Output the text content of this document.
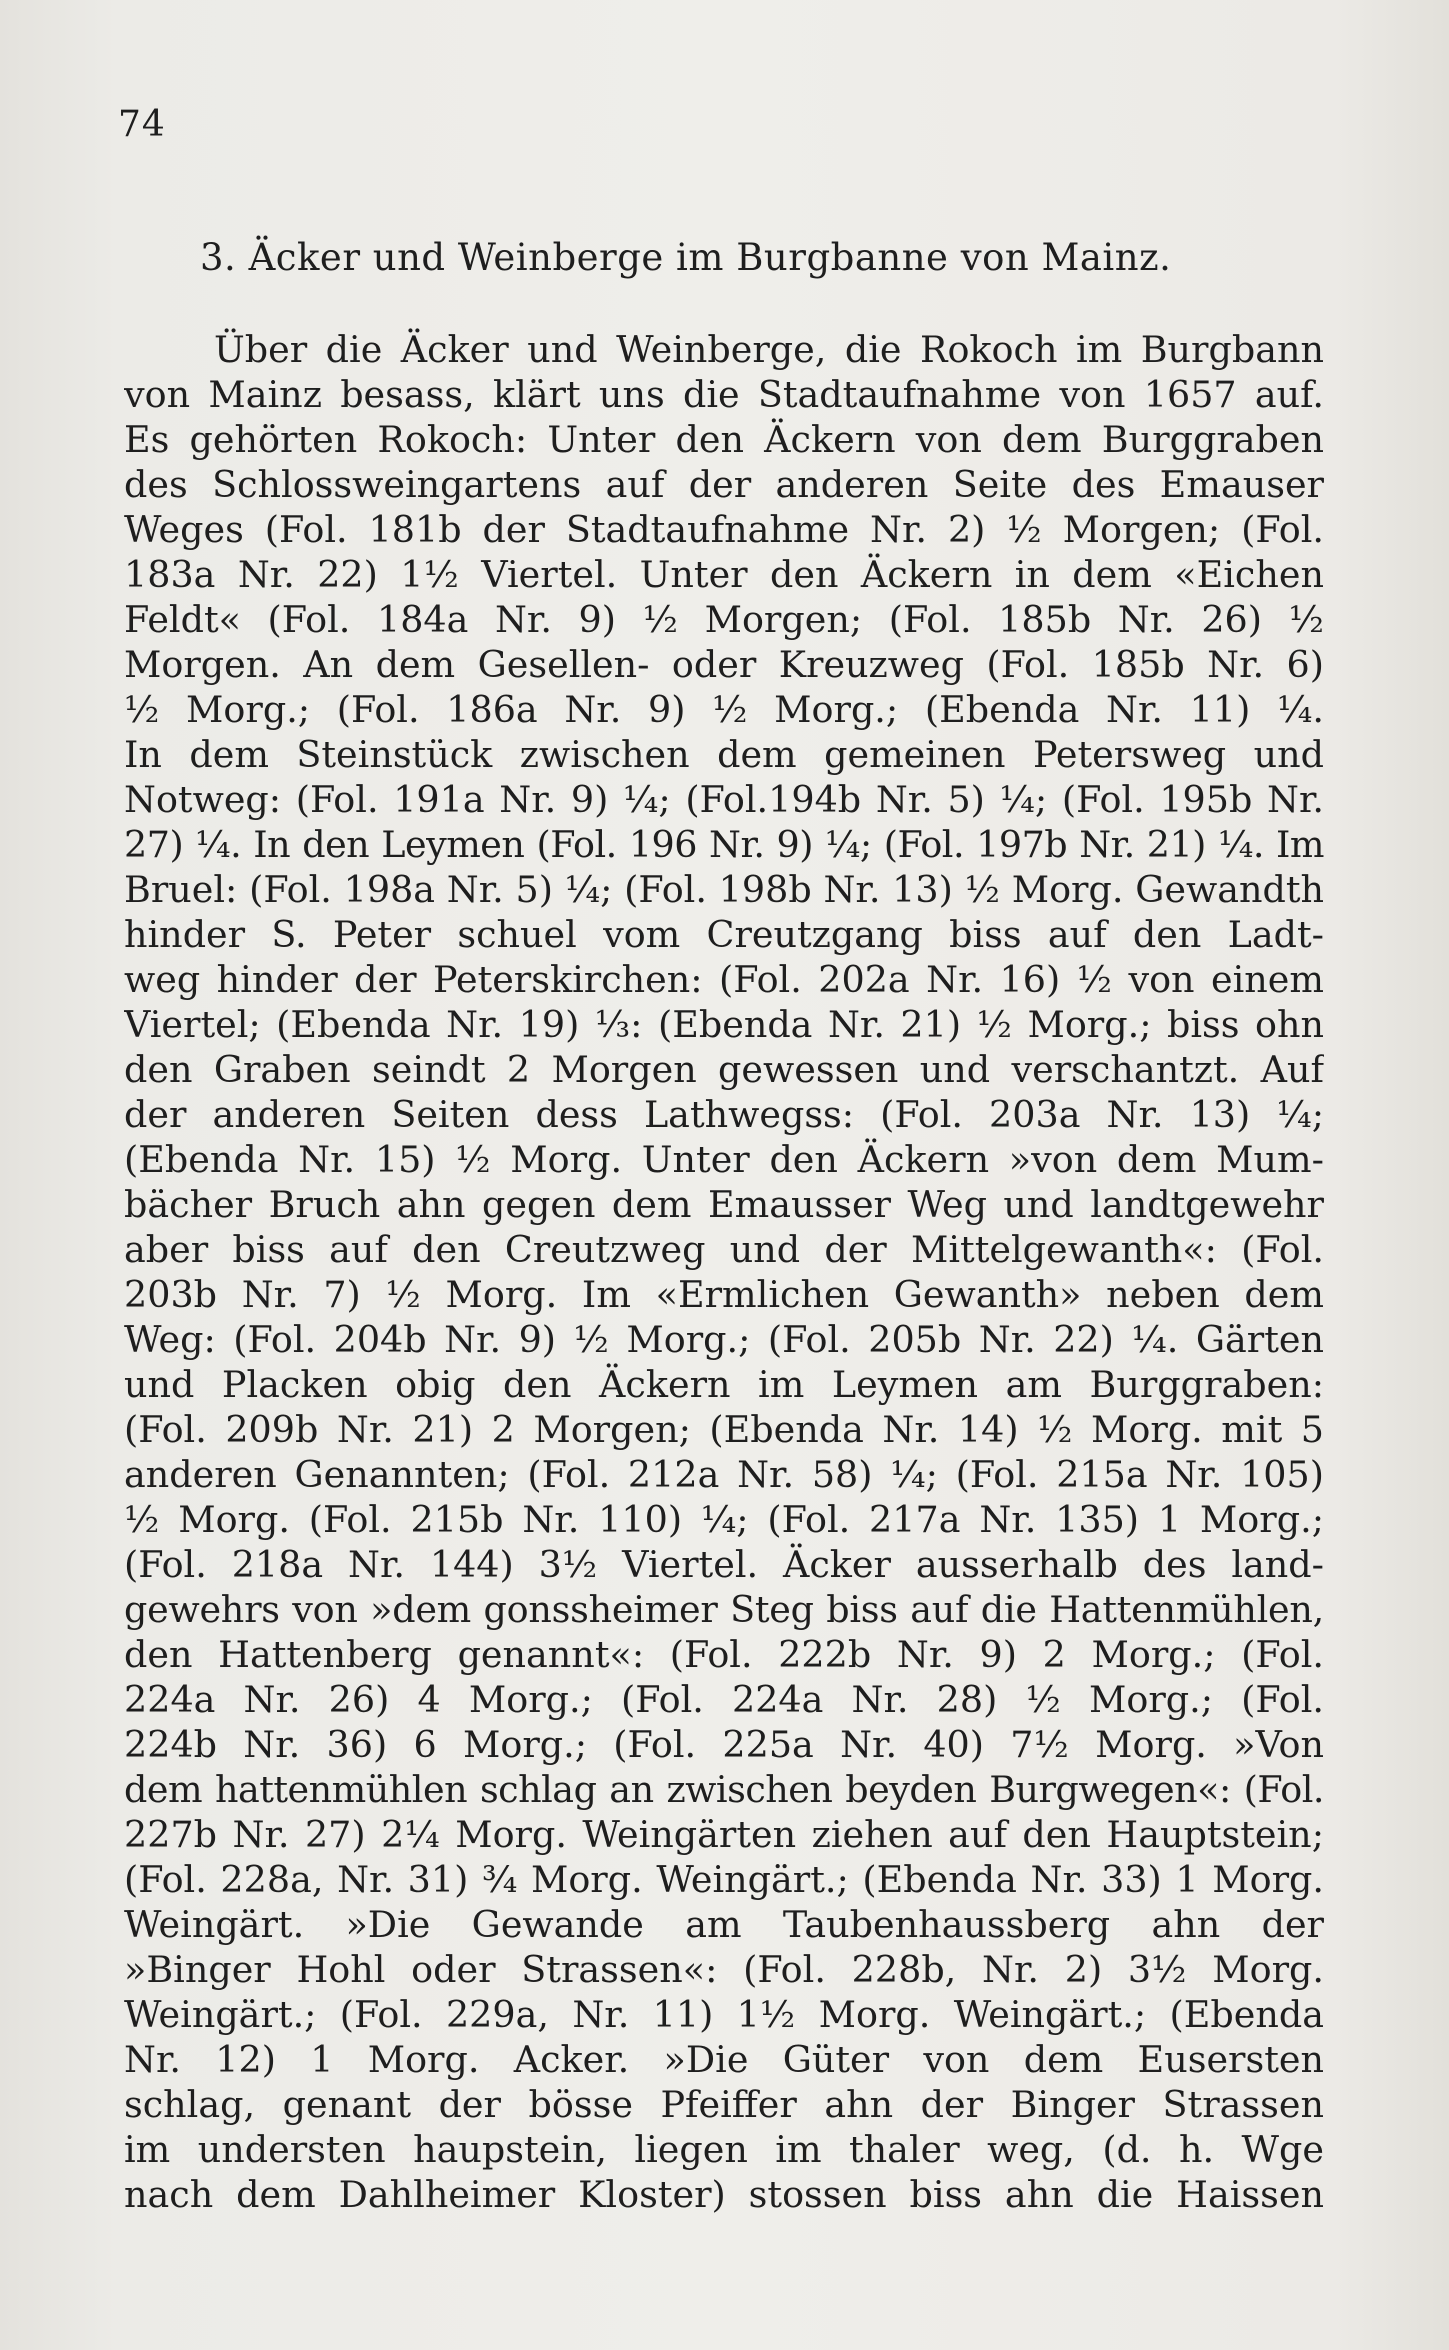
74
3. Äcker und Weinberge im Burgbanne von Mainz.
Über die Äcker und Weinberge, die Rokoch im Burgbann
von Mainz besass, klärt uns die Stadtaufnahme von 1657 auf.
Es gehörten Rokoch: Unter den Äckern von dem Burggraben
des Schlossweingartens auf der anderen Seite des Emauser
Weges (Fol. 181b der Stadtaufnahme Nr. 2) ½ Morgen; (Fol.
183a Nr. 22) 1½ Viertel. Unter den Äckern in dem «Eichen
Feldt« (Fol. 184a Nr. 9) ½ Morgen; (Fol. 185b Nr. 26) ½
Morgen. An dem Gesellen- oder Kreuzweg (Fol. 185b Nr. 6)
½ Morg.; (Fol. 186a Nr. 9) ½ Morg.; (Ebenda Nr. 11) ¼.
In dem Steinstück zwischen dem gemeinen Petersweg und
Notweg: (Fol. 191a Nr. 9) ¼; (Fol.194b Nr. 5) ¼; (Fol. 195b Nr.
27) ¼. In den Leymen (Fol. 196 Nr. 9) ¼; (Fol. 197b Nr. 21) ¼. Im
Bruel: (Fol. 198a Nr. 5) ¼; (Fol. 198b Nr. 13) ½ Morg. Gewandth
hinder S. Peter schuel vom Creutzgang biss auf den Ladt-
weg hinder der Peterskirchen: (Fol. 202a Nr. 16) ½ von einem
Viertel; (Ebenda Nr. 19) ⅓: (Ebenda Nr. 21) ½ Morg.; biss ohn
den Graben seindt 2 Morgen gewessen und verschantzt. Auf
der anderen Seiten dess Lathwegss: (Fol. 203a Nr. 13) ¼;
(Ebenda Nr. 15) ½ Morg. Unter den Äckern »von dem Mum-
bächer Bruch ahn gegen dem Emausser Weg und landtgewehr
aber biss auf den Creutzweg und der Mittelgewanth«: (Fol.
203b Nr. 7) ½ Morg. Im «Ermlichen Gewanth» neben dem
Weg: (Fol. 204b Nr. 9) ½ Morg.; (Fol. 205b Nr. 22) ¼. Gärten
und Placken obig den Äckern im Leymen am Burggraben:
(Fol. 209b Nr. 21) 2 Morgen; (Ebenda Nr. 14) ½ Morg. mit 5
anderen Genannten; (Fol. 212a Nr. 58) ¼; (Fol. 215a Nr. 105)
½ Morg. (Fol. 215b Nr. 110) ¼; (Fol. 217a Nr. 135) 1 Morg.;
(Fol. 218a Nr. 144) 3½ Viertel. Äcker ausserhalb des land-
gewehrs von »dem gonssheimer Steg biss auf die Hattenmühlen,
den Hattenberg genannt«: (Fol. 222b Nr. 9) 2 Morg.; (Fol.
224a Nr. 26) 4 Morg.; (Fol. 224a Nr. 28) ½ Morg.; (Fol.
224b Nr. 36) 6 Morg.; (Fol. 225a Nr. 40) 7½ Morg. »Von
dem hattenmühlen schlag an zwischen beyden Burgwegen«: (Fol.
227b Nr. 27) 2¼ Morg. Weingärten ziehen auf den Hauptstein;
(Fol. 228a, Nr. 31) ¾ Morg. Weingärt.; (Ebenda Nr. 33) 1 Morg.
Weingärt. »Die Gewande am Taubenhaussberg ahn der
»Binger Hohl oder Strassen«: (Fol. 228b, Nr. 2) 3½ Morg.
Weingärt.; (Fol. 229a, Nr. 11) 1½ Morg. Weingärt.; (Ebenda
Nr. 12) 1 Morg. Acker. »Die Güter von dem Eusersten
schlag, genant der bösse Pfeiffer ahn der Binger Strassen
im understen haupstein, liegen im thaler weg, (d. h. Wge
nach dem Dahlheimer Kloster) stossen biss ahn die Haissen
